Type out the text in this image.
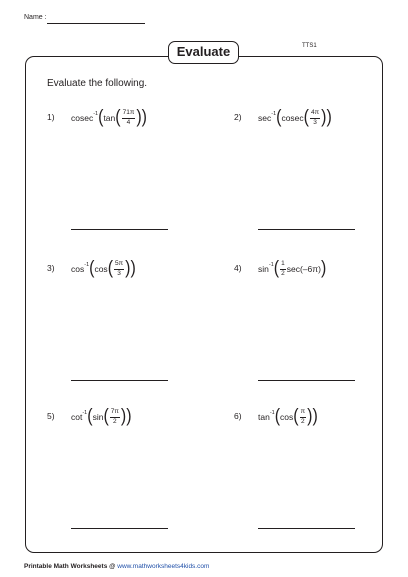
Name :
Evaluate	TTS1
Evaluate the following.
1) cosec -1 ( tan ( $\frac{71\pi}{4}$ ))	2) sec -1 ( cosec ( $\frac{4\pi}{3}$ ))
3) cos -1 ( cos ( $\frac{5\pi}{3}$ ))	4) sin -1 ( $\frac{1}{2} \sec(-6\pi)$ )
5) cot -1 ( sin ( $\frac{7\pi}{2}$ ))	6) tan -1 ( cos ( $\frac{\pi}{2}$ ))
Printable Math Worksheets @ www.mathworksheets4kids.com
